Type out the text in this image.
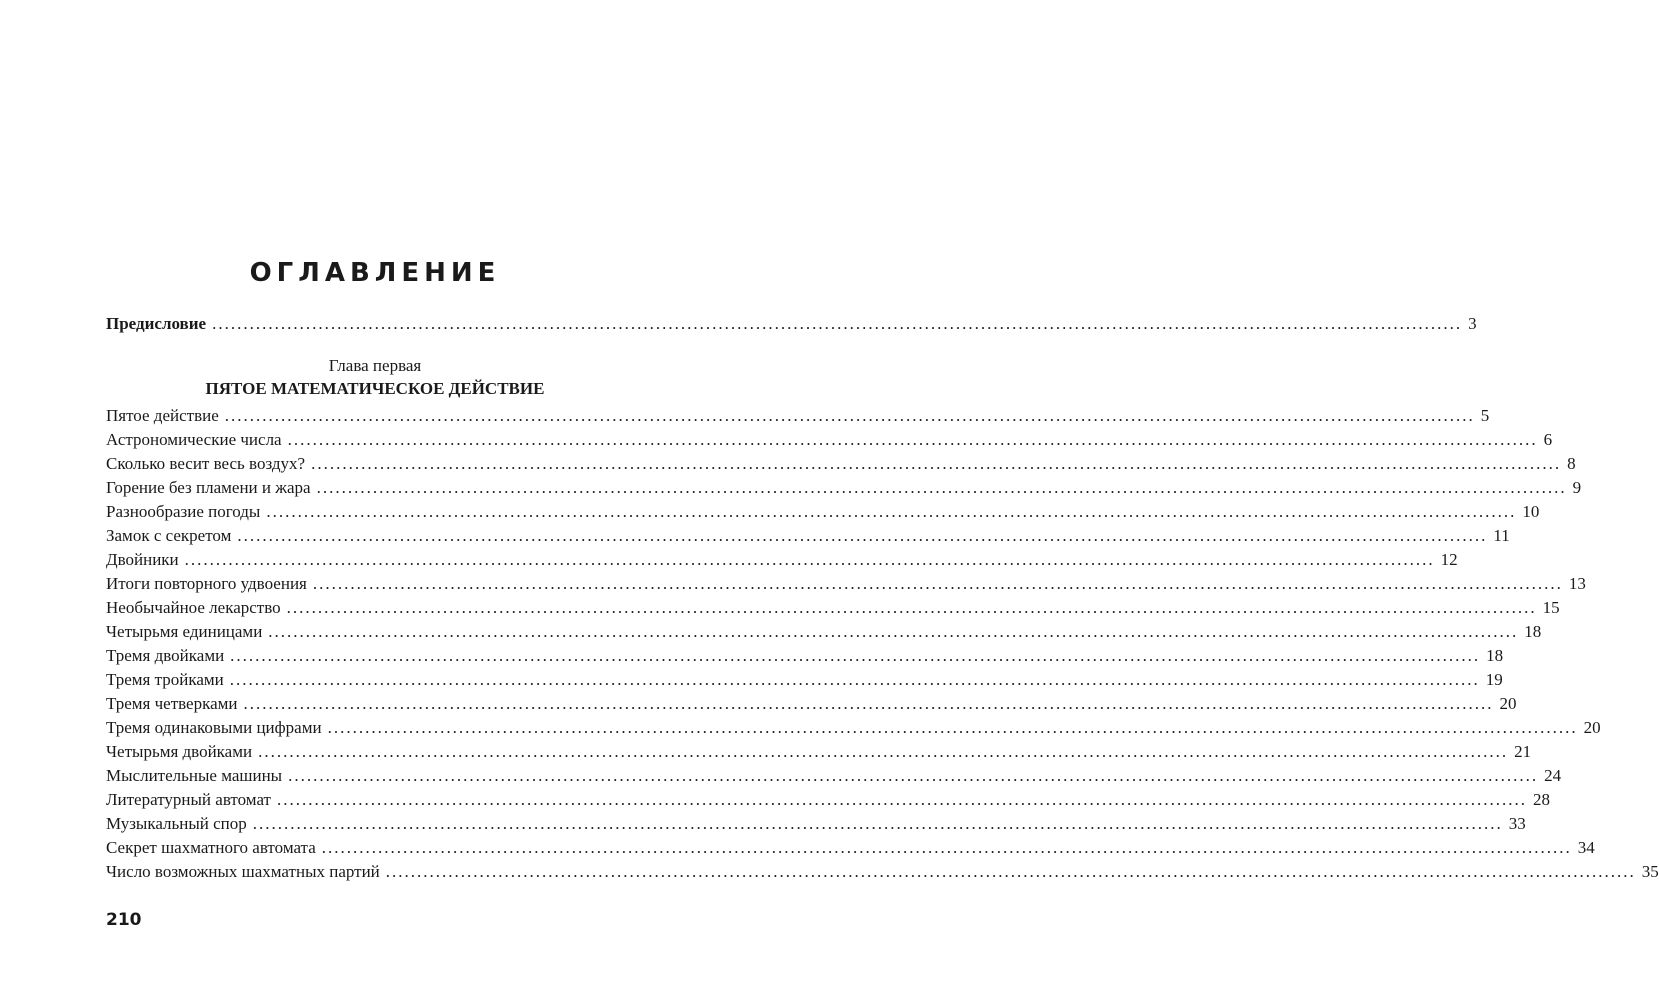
ОГЛАВЛЕНИЕ
Предисловие ........................................................................................................................................................................................................ 3
Глава первая
ПЯТОЕ МАТЕМАТИЧЕСКОЕ ДЕЙСТВИЕ
Пятое действие ........................................................................................................................................................................................................ 5
Астрономические числа ........................................................................................................................................................................................................ 6
Сколько весит весь воздух? ........................................................................................................................................................................................................ 8
Горение без пламени и жара ........................................................................................................................................................................................................ 9
Разнообразие погоды ........................................................................................................................................................................................................ 10
Замок с секретом ........................................................................................................................................................................................................ 11
Двойники ........................................................................................................................................................................................................ 12
Итоги повторного удвоения ........................................................................................................................................................................................................ 13
Необычайное лекарство ........................................................................................................................................................................................................ 15
Четырьмя единицами ........................................................................................................................................................................................................ 18
Тремя двойками ........................................................................................................................................................................................................ 18
Тремя тройками ........................................................................................................................................................................................................ 19
Тремя четверками ........................................................................................................................................................................................................ 20
Тремя одинаковыми цифрами ........................................................................................................................................................................................................ 20
Четырьмя двойками ........................................................................................................................................................................................................ 21
Мыслительные машины ........................................................................................................................................................................................................ 24
Литературный автомат ........................................................................................................................................................................................................ 28
Музыкальный спор ........................................................................................................................................................................................................ 33
Секрет шахматного автомата ........................................................................................................................................................................................................ 34
Число возможных шахматных партий ........................................................................................................................................................................................................ 35
210
